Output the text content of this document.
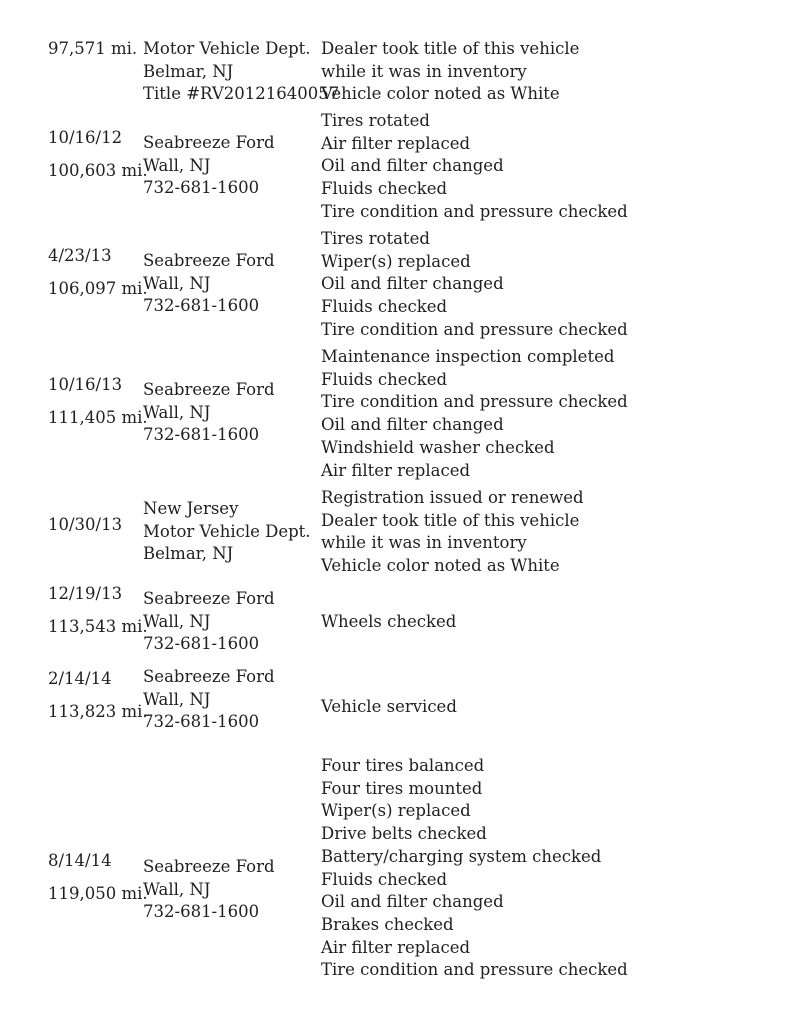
97,571 mi. Motor Vehicle Dept.
Belmar, NJ
Title #RV20121640057
Dealer took title of this vehicle
while it was in inventory
Vehicle color noted as White
10/16/12
100,603 mi.
Seabreeze Ford
Wall, NJ
732-681-1600
Tires rotated
Air filter replaced
Oil and filter changed
Fluids checked
Tire condition and pressure checked
4/23/13
106,097 mi.
Seabreeze Ford
Wall, NJ
732-681-1600
Tires rotated
Wiper(s) replaced
Oil and filter changed
Fluids checked
Tire condition and pressure checked
10/16/13
111,405 mi.
Seabreeze Ford
Wall, NJ
732-681-1600
Maintenance inspection completed
Fluids checked
Tire condition and pressure checked
Oil and filter changed
Windshield washer checked
Air filter replaced
10/30/13
New Jersey
Motor Vehicle Dept.
Belmar, NJ
Registration issued or renewed
Dealer took title of this vehicle
while it was in inventory
Vehicle color noted as White
12/19/13
113,543 mi.
Seabreeze Ford
Wall, NJ
732-681-1600
Wheels checked
2/14/14
113,823 mi.
Seabreeze Ford
Wall, NJ
732-681-1600
Vehicle serviced
8/14/14
119,050 mi.
Seabreeze Ford
Wall, NJ
732-681-1600
Four tires balanced
Four tires mounted
Wiper(s) replaced
Drive belts checked
Battery/charging system checked
Fluids checked
Oil and filter changed
Brakes checked
Air filter replaced
Tire condition and pressure checked
